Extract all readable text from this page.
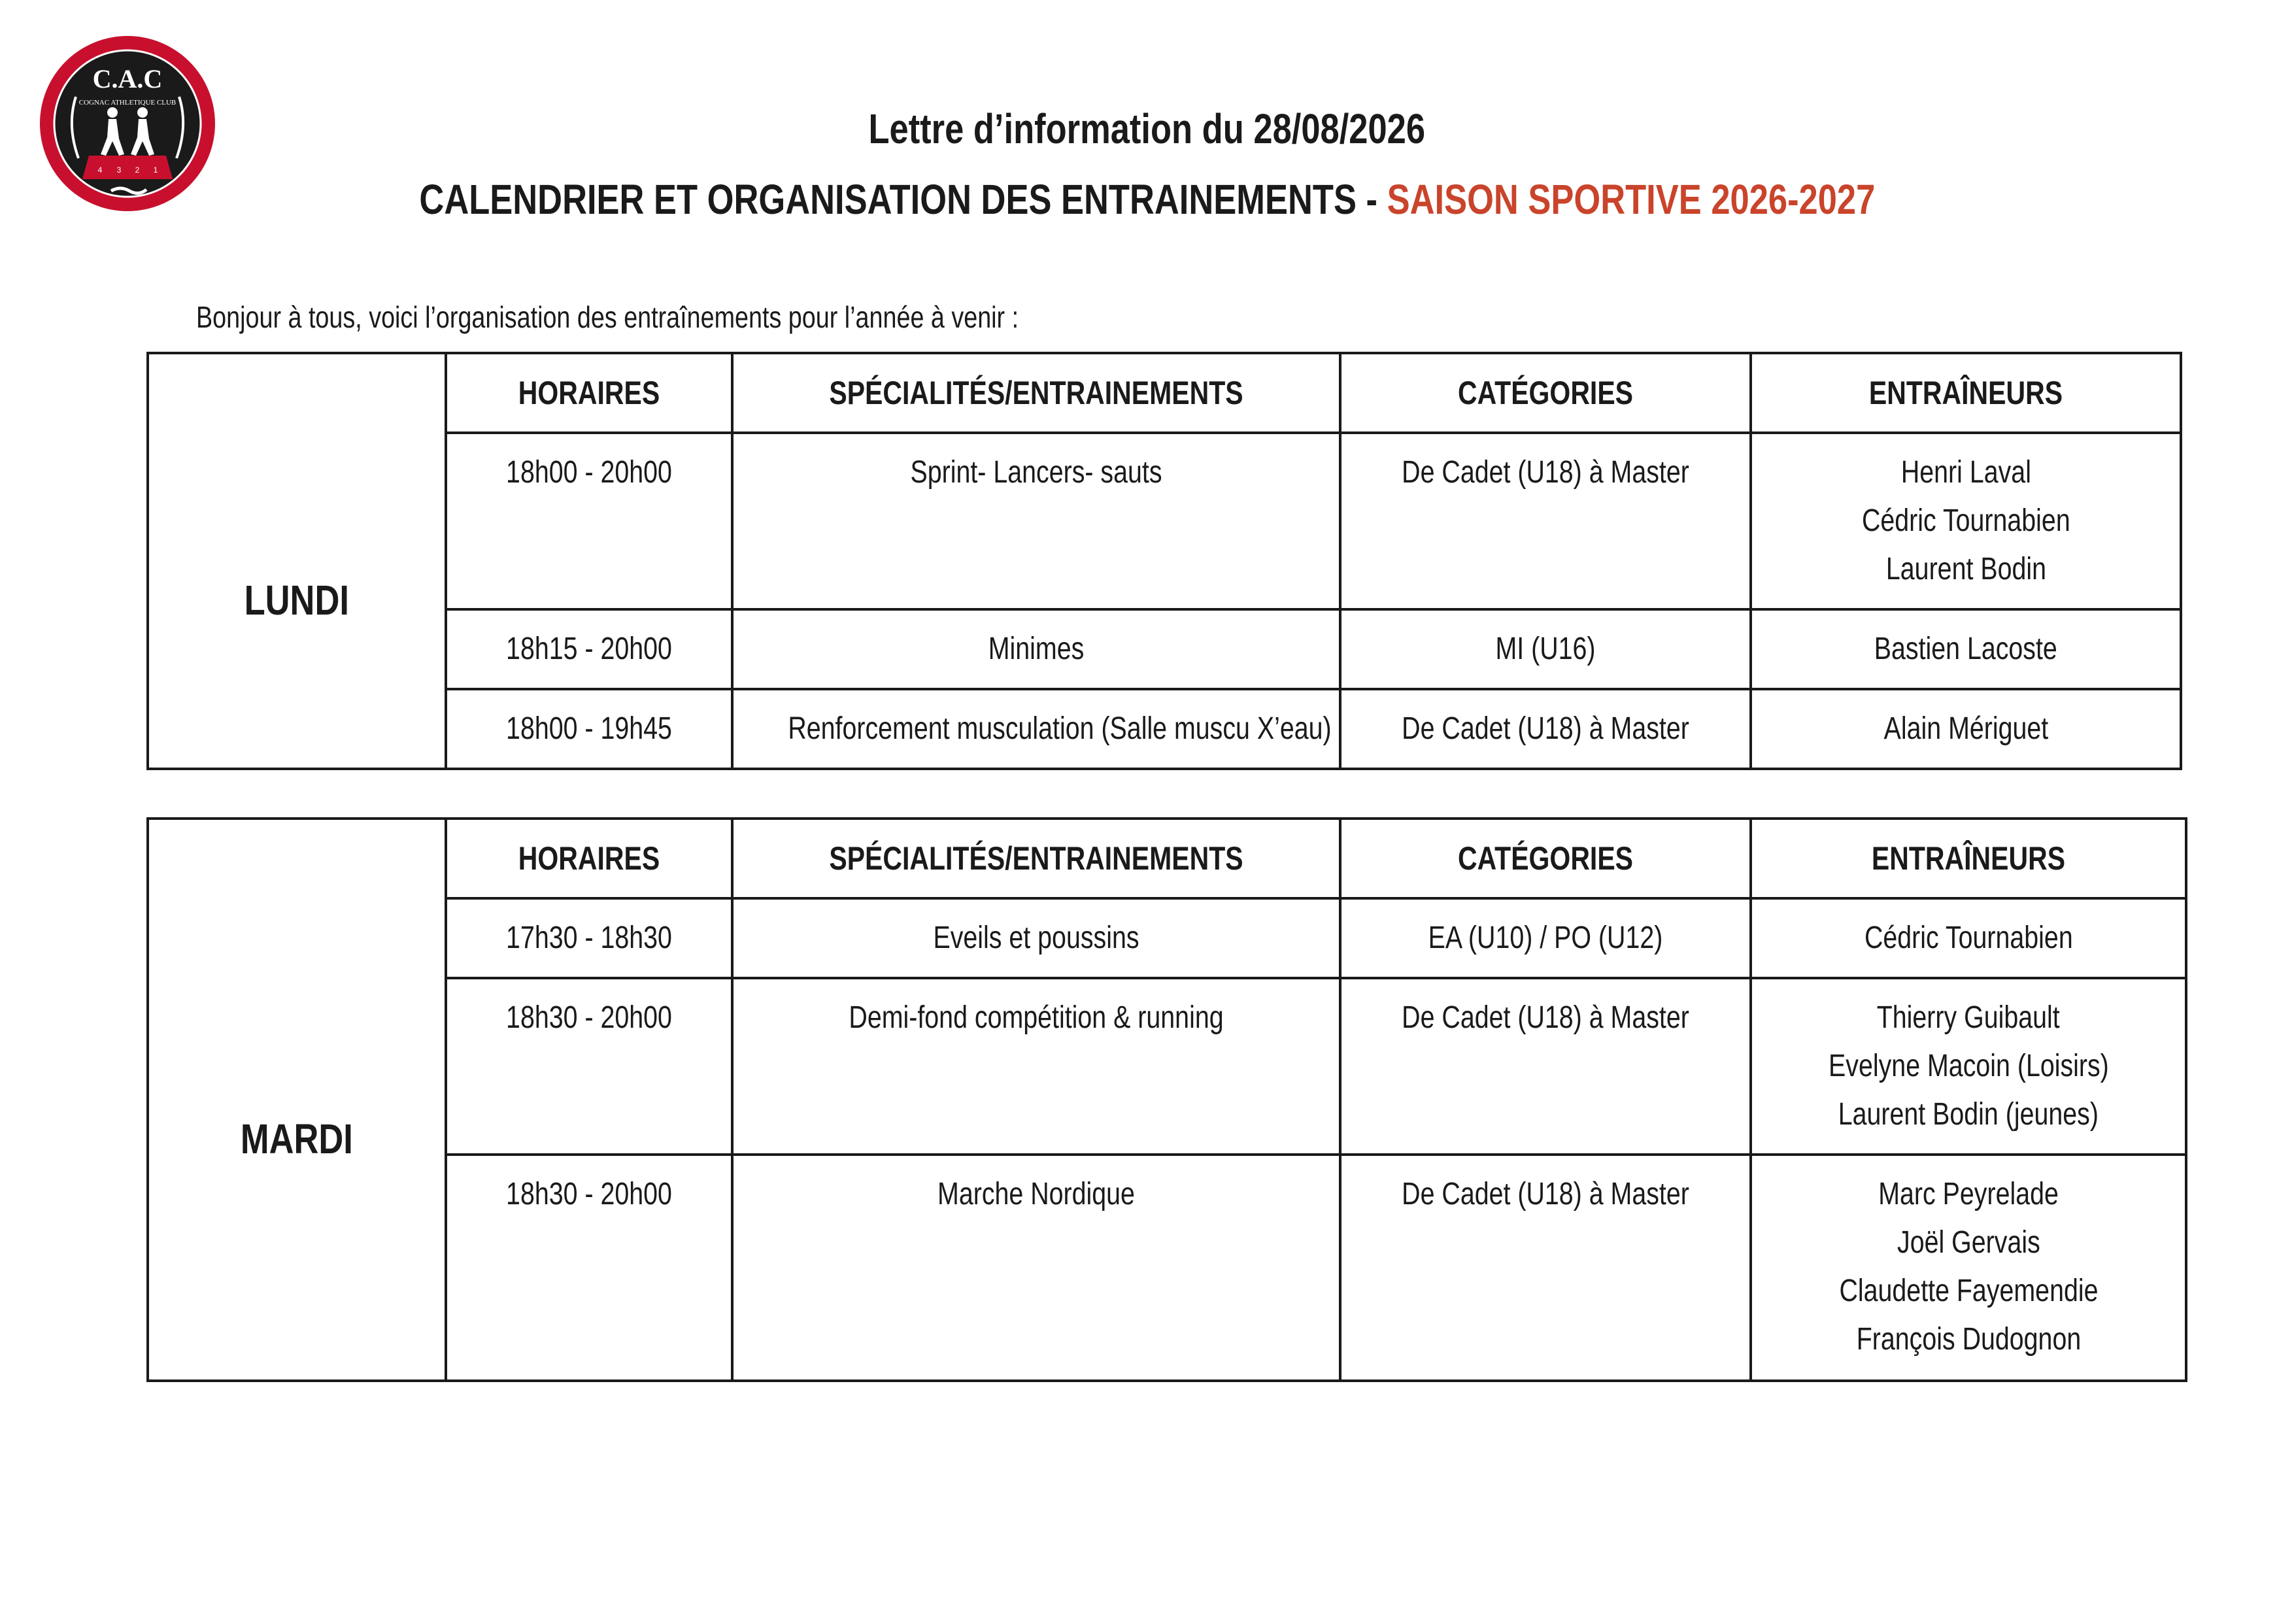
C.A.C
COGNAC ATHLETIQUE CLUB
4 3 2 1
Lettre d’information du 28/08/2026
CALENDRIER ET ORGANISATION DES ENTRAINEMENTS - SAISON SPORTIVE 2026-2027
Bonjour à tous, voici l’organisation des entraînements pour l’année à venir :

	HORAIRES	SPÉCIALITÉS/ENTRAINEMENTS	CATÉGORIES	ENTRAÎNEURS

LUNDI	18h00 - 20h00	Sprint- Lancers- sauts	De Cadet (U18) à Master	Henri Laval
Cédric Tournabien
Laurent Bodin

	18h15 - 20h00	Minimes	MI (U16)	Bastien Lacoste

	18h00 - 19h45	Renforcement musculation (Salle muscu X’eau)	De Cadet (U18) à Master	Alain Mériguet

	HORAIRES	SPÉCIALITÉS/ENTRAINEMENTS	CATÉGORIES	ENTRAÎNEURS

MARDI	17h30 - 18h30	Eveils et poussins	EA (U10) / PO (U12)	Cédric Tournabien

	18h30 - 20h00	Demi-fond compétition & running	De Cadet (U18) à Master	Thierry Guibault
Evelyne Macoin (Loisirs)
Laurent Bodin (jeunes)

	18h30 - 20h00	Marche Nordique	De Cadet (U18) à Master	Marc Peyrelade
Joël Gervais
Claudette Fayemendie
François Dudognon
